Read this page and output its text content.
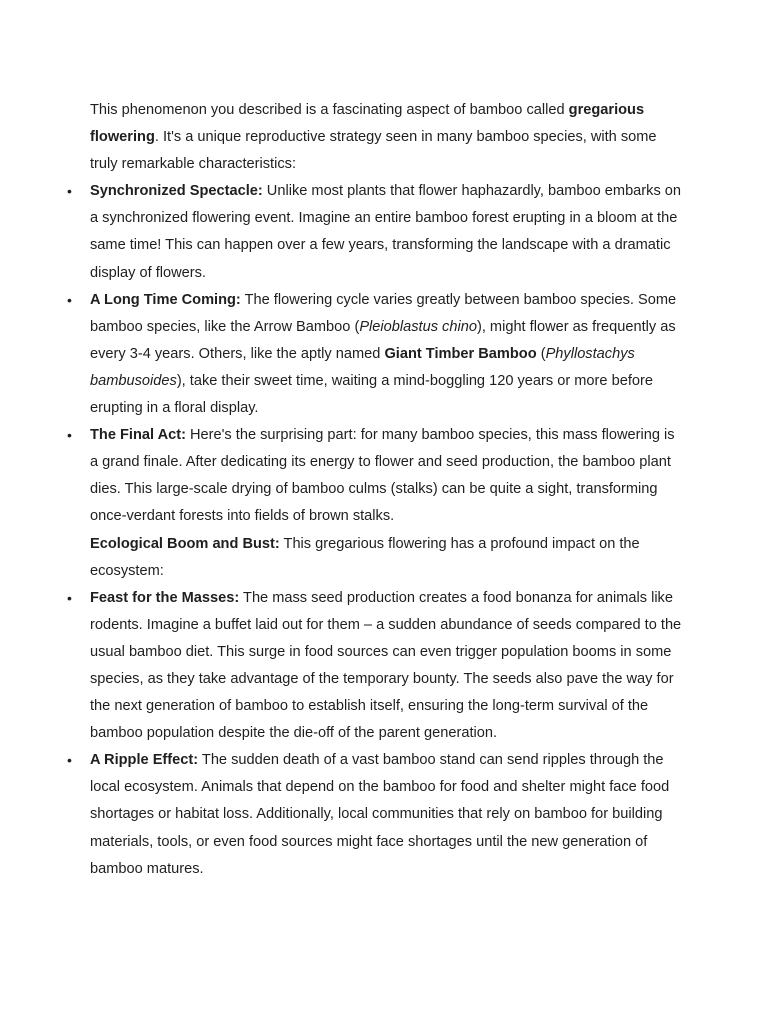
This phenomenon you described is a fascinating aspect of bamboo called gregarious flowering. It's a unique reproductive strategy seen in many bamboo species, with some truly remarkable characteristics:

• Synchronized Spectacle: Unlike most plants that flower haphazardly, bamboo embarks on a synchronized flowering event. Imagine an entire bamboo forest erupting in a bloom at the same time! This can happen over a few years, transforming the landscape with a dramatic display of flowers.
• A Long Time Coming: The flowering cycle varies greatly between bamboo species. Some bamboo species, like the Arrow Bamboo (Pleioblastus chino), might flower as frequently as every 3-4 years. Others, like the aptly named Giant Timber Bamboo (Phyllostachys bambusoides), take their sweet time, waiting a mind-boggling 120 years or more before erupting in a floral display.
• The Final Act: Here's the surprising part: for many bamboo species, this mass flowering is a grand finale. After dedicating its energy to flower and seed production, the bamboo plant dies. This large-scale drying of bamboo culms (stalks) can be quite a sight, transforming once-verdant forests into fields of brown stalks.

Ecological Boom and Bust: This gregarious flowering has a profound impact on the ecosystem:

• Feast for the Masses: The mass seed production creates a food bonanza for animals like rodents. Imagine a buffet laid out for them – a sudden abundance of seeds compared to the usual bamboo diet. This surge in food sources can even trigger population booms in some species, as they take advantage of the temporary bounty. The seeds also pave the way for the next generation of bamboo to establish itself, ensuring the long-term survival of the bamboo population despite the die-off of the parent generation.
• A Ripple Effect: The sudden death of a vast bamboo stand can send ripples through the local ecosystem. Animals that depend on the bamboo for food and shelter might face food shortages or habitat loss. Additionally, local communities that rely on bamboo for building materials, tools, or even food sources might face shortages until the new generation of bamboo matures.
